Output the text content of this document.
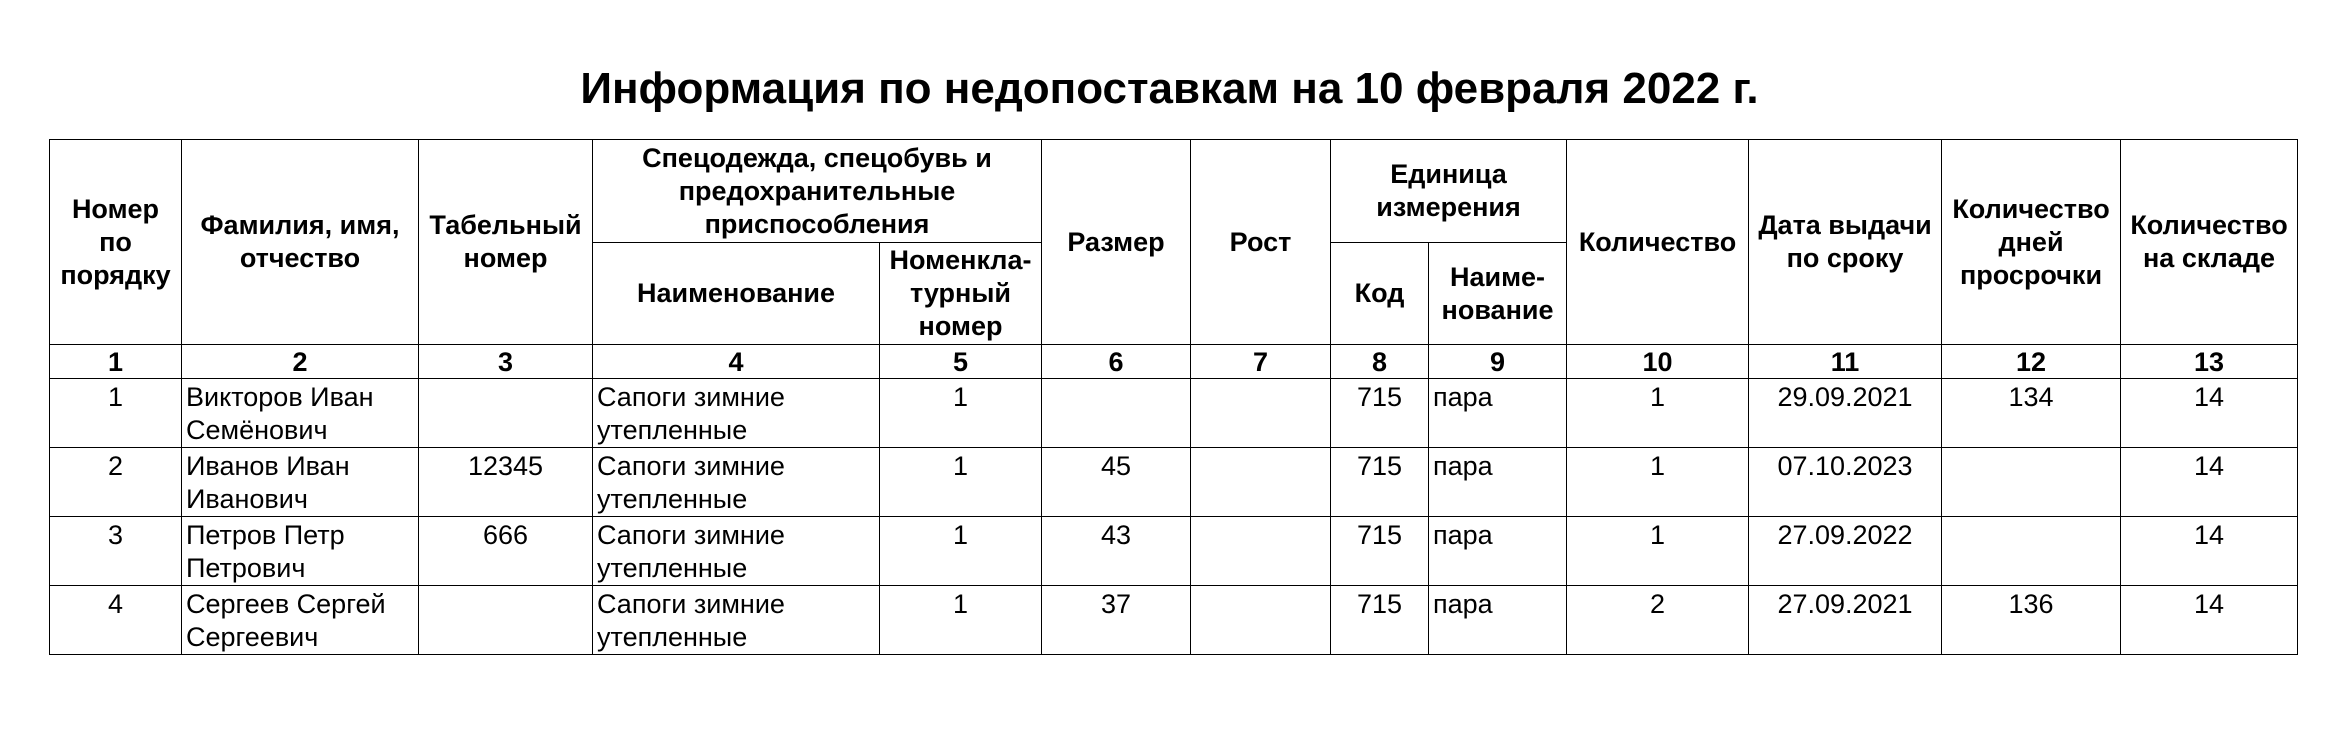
Информация по недопоставкам на 10 февраля 2022 г.
Номер по порядку	Фамилия, имя, отчество	Табельный номер	Спецодежда, спецобувь и предохранительные приспособления		Размер	Рост	Единица измерения		Количество	Дата выдачи по сроку	Количество дней просрочки	Количество на складе
			Наименование	Номенкла-турный номер			Код	Наиме-нование				
1	2	3	4	5	6	7	8	9	10	11	12	13
1	Викторов Иван Семёнович		Сапоги зимние утепленные	1			715	пара	1	29.09.2021	134	14
2	Иванов Иван Иванович	12345	Сапоги зимние утепленные	1	45		715	пара	1	07.10.2023		14
3	Петров Петр Петрович	666	Сапоги зимние утепленные	1	43		715	пара	1	27.09.2022		14
4	Сергеев Сергей Сергеевич		Сапоги зимние утепленные	1	37		715	пара	2	27.09.2021	136	14
